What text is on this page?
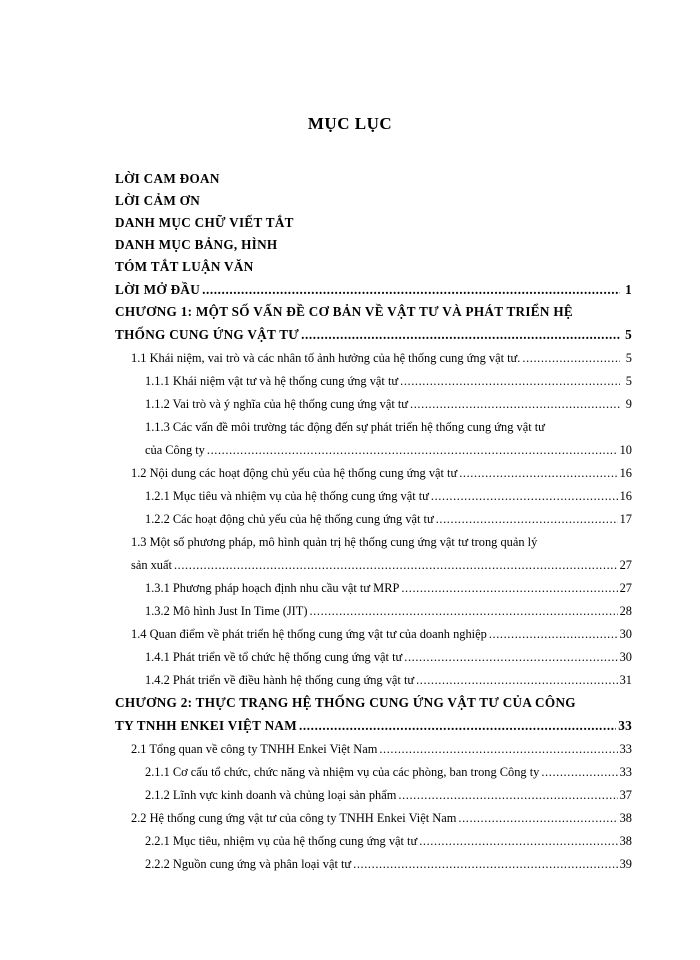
MỤC LỤC
LỜI CAM ĐOAN
LỜI CẢM ƠN
DANH MỤC CHỮ VIẾT TẮT
DANH MỤC BẢNG, HÌNH
TÓM TẮT LUẬN VĂN
LỜI MỞ ĐẦU .....	1
CHƯƠNG 1: MỘT SỐ VẤN ĐỀ CƠ BẢN VỀ VẬT TƯ VÀ PHÁT TRIỂN HỆ
THỐNG CUNG ỨNG VẬT TƯ .....	5
1.1 Khái niệm, vai trò và các nhân tố ảnh hưởng của hệ thống cung ứng vật tư. .....	5
1.1.1 Khái niệm vật tư và hệ thống cung ứng vật tư .....	5
1.1.2 Vai trò và ý nghĩa của hệ thống cung ứng vật tư .....	9
1.1.3 Các vấn đề môi trường tác động đến sự phát triển hệ thống cung ứng vật tư
của Công ty .....	10
1.2 Nội dung các hoạt động chủ yếu của hệ thống cung ứng vật tư .....	16
1.2.1 Mục tiêu và nhiệm vụ của hệ thống cung ứng vật tư .....	16
1.2.2 Các hoạt động chủ yếu của hệ thống cung ứng vật tư .....	17
1.3 Một số phương pháp, mô hình quản trị hệ thống cung ứng vật tư trong quản lý
sản xuất .....	27
1.3.1 Phương pháp hoạch định nhu cầu vật tư MRP .....	27
1.3.2 Mô hình Just In Time (JIT) .....	28
1.4 Quan điểm về phát triển hệ thống cung ứng vật tư của doanh nghiệp .....	30
1.4.1 Phát triển về tổ chức hệ thống cung ứng vật tư .....	30
1.4.2 Phát triển về điều hành hệ thống cung ứng vật tư .....	31
CHƯƠNG 2: THỰC TRẠNG HỆ THỐNG CUNG ỨNG VẬT TƯ CỦA CÔNG
TY TNHH ENKEI VIỆT NAM .....	33
2.1 Tổng quan về công ty TNHH Enkei Việt Nam .....	33
2.1.1 Cơ cấu tổ chức, chức năng và nhiệm vụ của các phòng, ban trong Công ty .....	33
2.1.2 Lĩnh vực kinh doanh và chủng loại sản phẩm .....	37
2.2 Hệ thống cung ứng vật tư của công ty TNHH Enkei Việt Nam .....	38
2.2.1 Mục tiêu, nhiệm vụ của hệ thống cung ứng vật tư .....	38
2.2.2 Nguồn cung ứng và phân loại vật tư .....	39
